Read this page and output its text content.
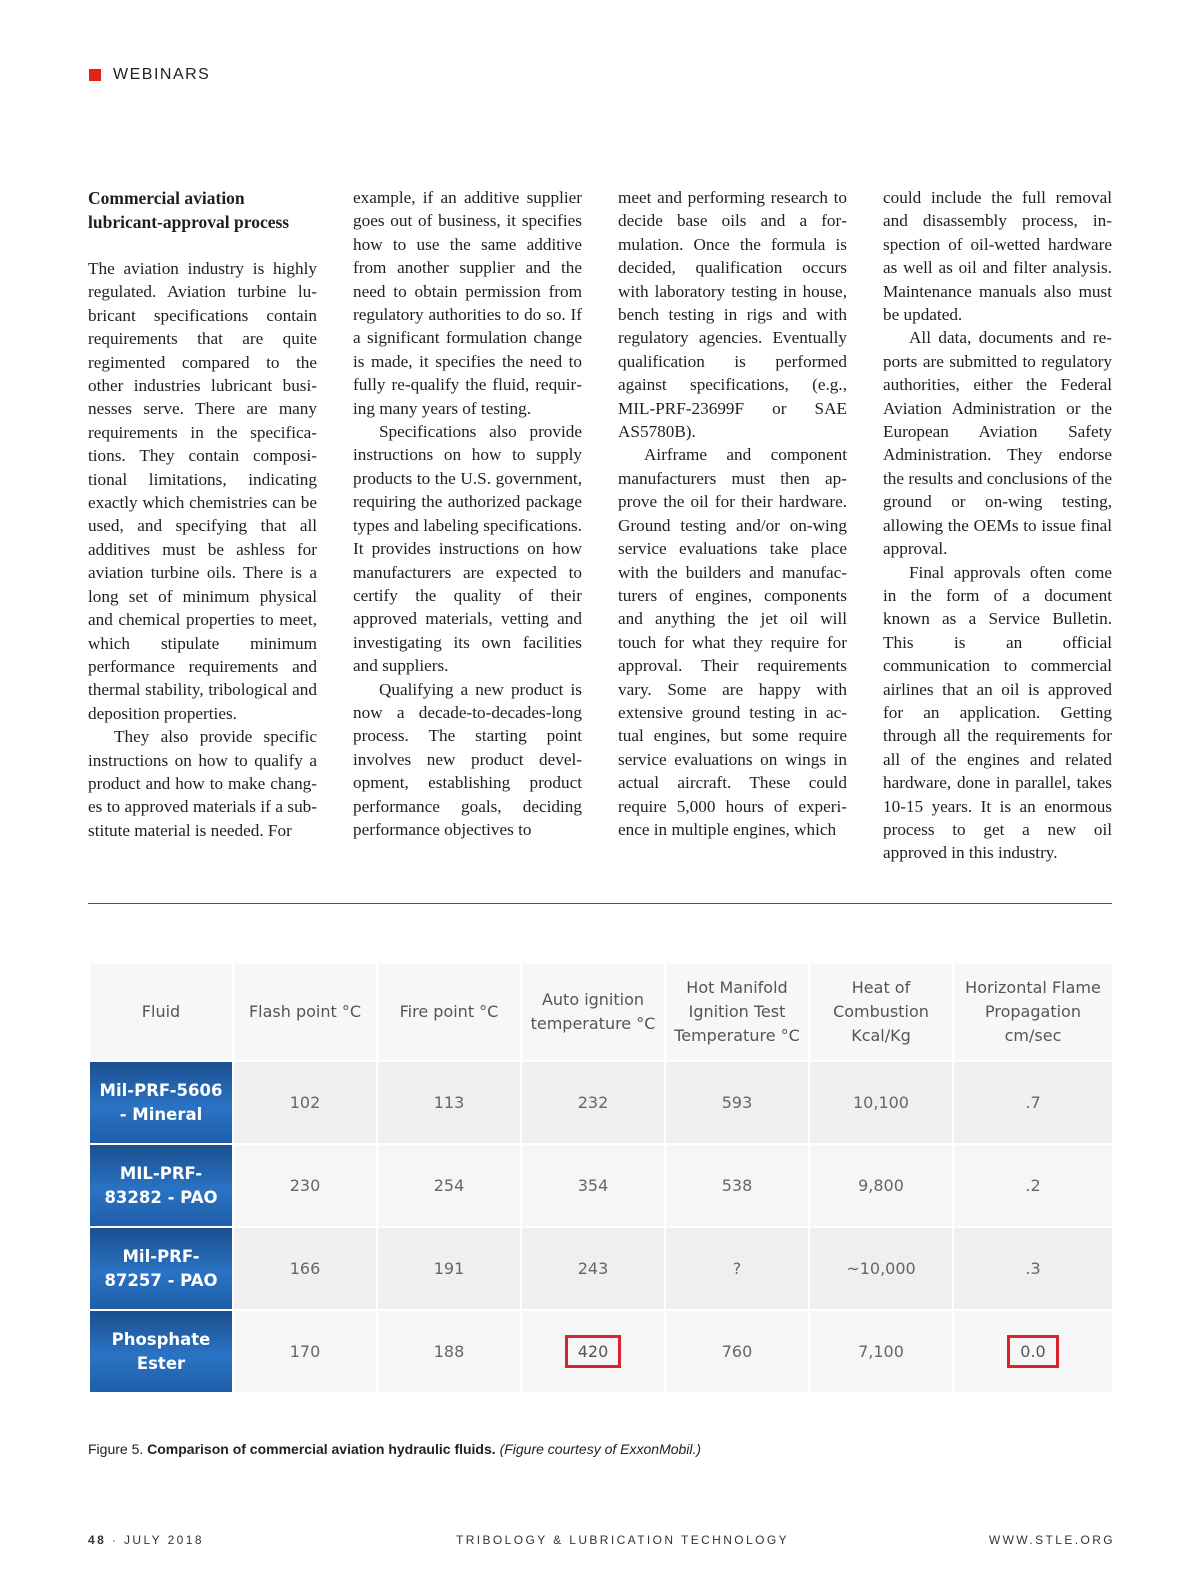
WEBINARS
Commercial aviation lubricant-approval process

The aviation industry is highly regulated. Aviation turbine lubricant specifications contain requirements that are quite regimented compared to the other industries lubricant businesses serve. There are many requirements in the specifications. They contain compositional limitations, indicating exactly which chemistries can be used, and specifying that all additives must be ashless for aviation turbine oils. There is a long set of minimum physical and chemical properties to meet, which stipulate minimum performance requirements and thermal stability, tribological and deposition properties.

They also provide specific instructions on how to qualify a product and how to make changes to approved materials if a substitute material is needed. For

example, if an additive supplier goes out of business, it specifies how to use the same additive from another supplier and the need to obtain permission from regulatory authorities to do so. If a significant formulation change is made, it specifies the need to fully re-qualify the fluid, requiring many years of testing.

Specifications also provide instructions on how to supply products to the U.S. government, requiring the authorized package types and labeling specifications. It provides instructions on how manufacturers are expected to certify the quality of their approved materials, vetting and investigating its own facilities and suppliers.

Qualifying a new product is now a decade-to-decades-long process. The starting point involves new product development, establishing product performance goals, deciding performance objectives to

meet and performing research to decide base oils and a formulation. Once the formula is decided, qualification occurs with laboratory testing in house, bench testing in rigs and with regulatory agencies. Eventually qualification is performed against specifications, (e.g., MIL-PRF-23699F or SAE AS5780B).

Airframe and component manufacturers must then approve the oil for their hardware. Ground testing and/or on-wing service evaluations take place with the builders and manufacturers of engines, components and anything the jet oil will touch for what they require for approval. Their requirements vary. Some are happy with extensive ground testing in actual engines, but some require service evaluations on wings in actual aircraft. These could require 5,000 hours of experience in multiple engines, which

could include the full removal and disassembly process, inspection of oil-wetted hardware as well as oil and filter analysis. Maintenance manuals also must be updated.

All data, documents and reports are submitted to regulatory authorities, either the Federal Aviation Administration or the European Aviation Safety Administration. They endorse the results and conclusions of the ground or on-wing testing, allowing the OEMs to issue final approval.

Final approvals often come in the form of a document known as a Service Bulletin. This is an official communication to commercial airlines that an oil is approved for an application. Getting through all the requirements for all of the engines and related hardware, done in parallel, takes 10-15 years. It is an enormous process to get a new oil approved in this industry.

Fluid	Flash point °C	Fire point °C	Auto ignition temperature °C	Hot Manifold Ignition Test Temperature °C	Heat of Combustion Kcal/Kg	Horizontal Flame Propagation cm/sec
Mil-PRF-5606 - Mineral	102	113	232	593	10,100	.7
MIL-PRF-83282 - PAO	230	254	354	538	9,800	.2
Mil-PRF-87257 - PAO	166	191	243	?	~10,000	.3
Phosphate Ester	170	188	420	760	7,100	0.0
Figure 5. Comparison of commercial aviation hydraulic fluids. (Figure courtesy of ExxonMobil.)
48 · JULY 2018	TRIBOLOGY & LUBRICATION TECHNOLOGY	WWW.STLE.ORG
